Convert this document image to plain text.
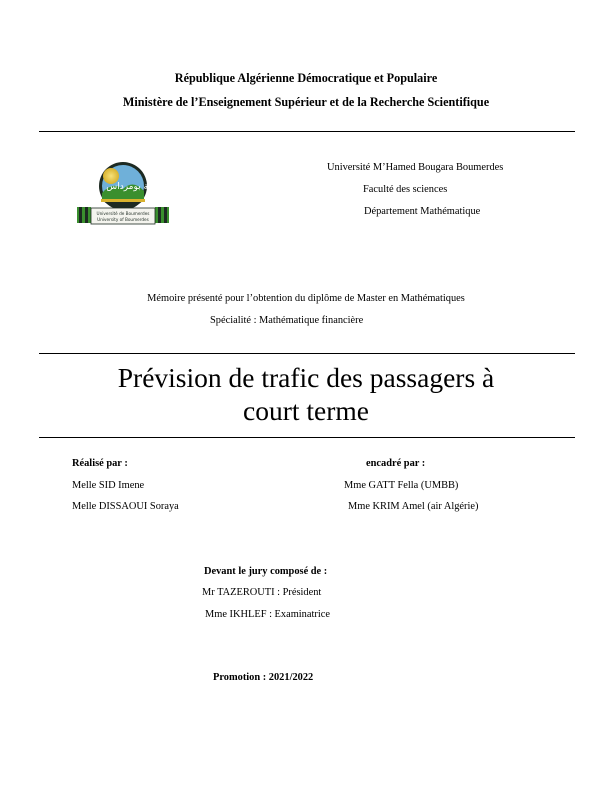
République Algérienne Démocratique et Populaire
Ministère de l’Enseignement Supérieur et de la Recherche Scientifique
جامعة بومرداس
Université de Boumerdes
University of Boumerdes
Université M’Hamed Bougara Boumerdes
Faculté des sciences
Département Mathématique
Mémoire présenté pour l’obtention du diplôme de Master en Mathématiques
Spécialité : Mathématique financière
Prévision de trafic des passagers à
court terme
Réalisé par :
Melle SID Imene
Melle DISSAOUI Soraya
encadré par :
Mme GATT Fella (UMBB)
Mme KRIM Amel (air Algérie)
Devant le jury composé de :
Mr TAZEROUTI : Président
Mme IKHLEF : Examinatrice
Promotion : 2021/2022
